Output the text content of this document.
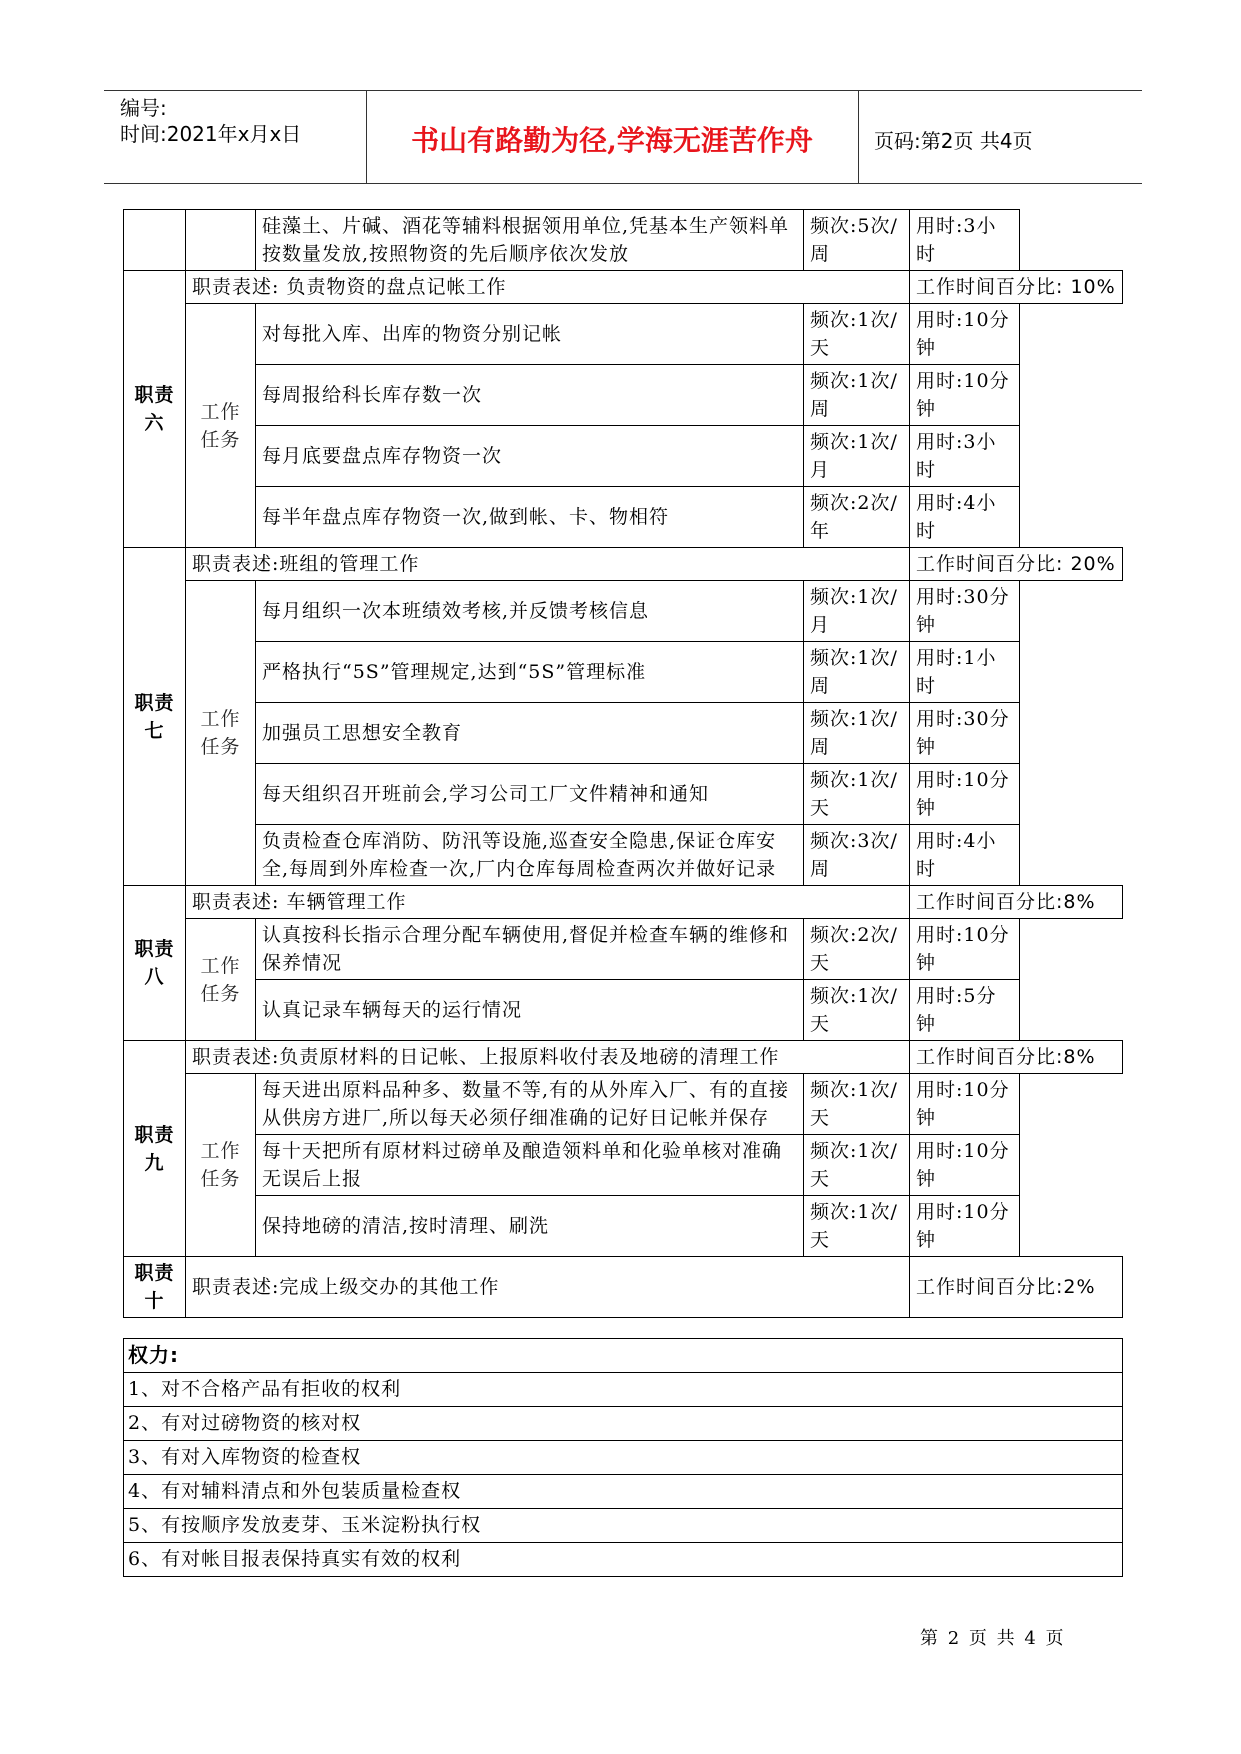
编号:
时间:2021年x月x日	书山有路勤为径,学海无涯苦作舟	页码:第2页 共4页
		硅藻土、片碱、酒花等辅料根据领用单位,凭基本生产领料单按数量发放,按照物资的先后顺序依次发放	频次:5次/周	用时:3小时
职责六	职责表述: 负责物资的盘点记帐工作			工作时间百分比: 10%
	工作任务	对每批入库、出库的物资分别记帐	频次:1次/天	用时:10分钟
		每周报给科长库存数一次	频次:1次/周	用时:10分钟
		每月底要盘点库存物资一次	频次:1次/月	用时:3小时
		每半年盘点库存物资一次,做到帐、卡、物相符	频次:2次/年	用时:4小时
职责七	职责表述:班组的管理工作			工作时间百分比: 20%
	工作任务	每月组织一次本班绩效考核,并反馈考核信息	频次:1次/月	用时:30分钟
		严格执行“5S”管理规定,达到“5S”管理标准	频次:1次/周	用时:1小时
		加强员工思想安全教育	频次:1次/周	用时:30分钟
		每天组织召开班前会,学习公司工厂文件精神和通知	频次:1次/天	用时:10分钟
		负责检查仓库消防、防汛等设施,巡查安全隐患,保证仓库安全,每周到外库检查一次,厂内仓库每周检查两次并做好记录	频次:3次/周	用时:4小时
职责八	职责表述: 车辆管理工作			工作时间百分比:8%
	工作任务	认真按科长指示合理分配车辆使用,督促并检查车辆的维修和保养情况	频次:2次/天	用时:10分钟
		认真记录车辆每天的运行情况	频次:1次/天	用时:5分钟
职责九	职责表述:负责原材料的日记帐、上报原料收付表及地磅的清理工作			工作时间百分比:8%
	工作任务	每天进出原料品种多、数量不等,有的从外库入厂、有的直接从供房方进厂,所以每天必须仔细准确的记好日记帐并保存	频次:1次/天	用时:10分钟
		每十天把所有原材料过磅单及酿造领料单和化验单核对准确无误后上报	频次:1次/天	用时:10分钟
		保持地磅的清洁,按时清理、刷洗	频次:1次/天	用时:10分钟
职责十	职责表述:完成上级交办的其他工作			工作时间百分比:2%
权力:
1、对不合格产品有拒收的权利
2、有对过磅物资的核对权
3、有对入库物资的检查权
4、有对辅料清点和外包装质量检查权
5、有按顺序发放麦芽、玉米淀粉执行权
6、有对帐目报表保持真实有效的权利
第 2 页 共 4 页
